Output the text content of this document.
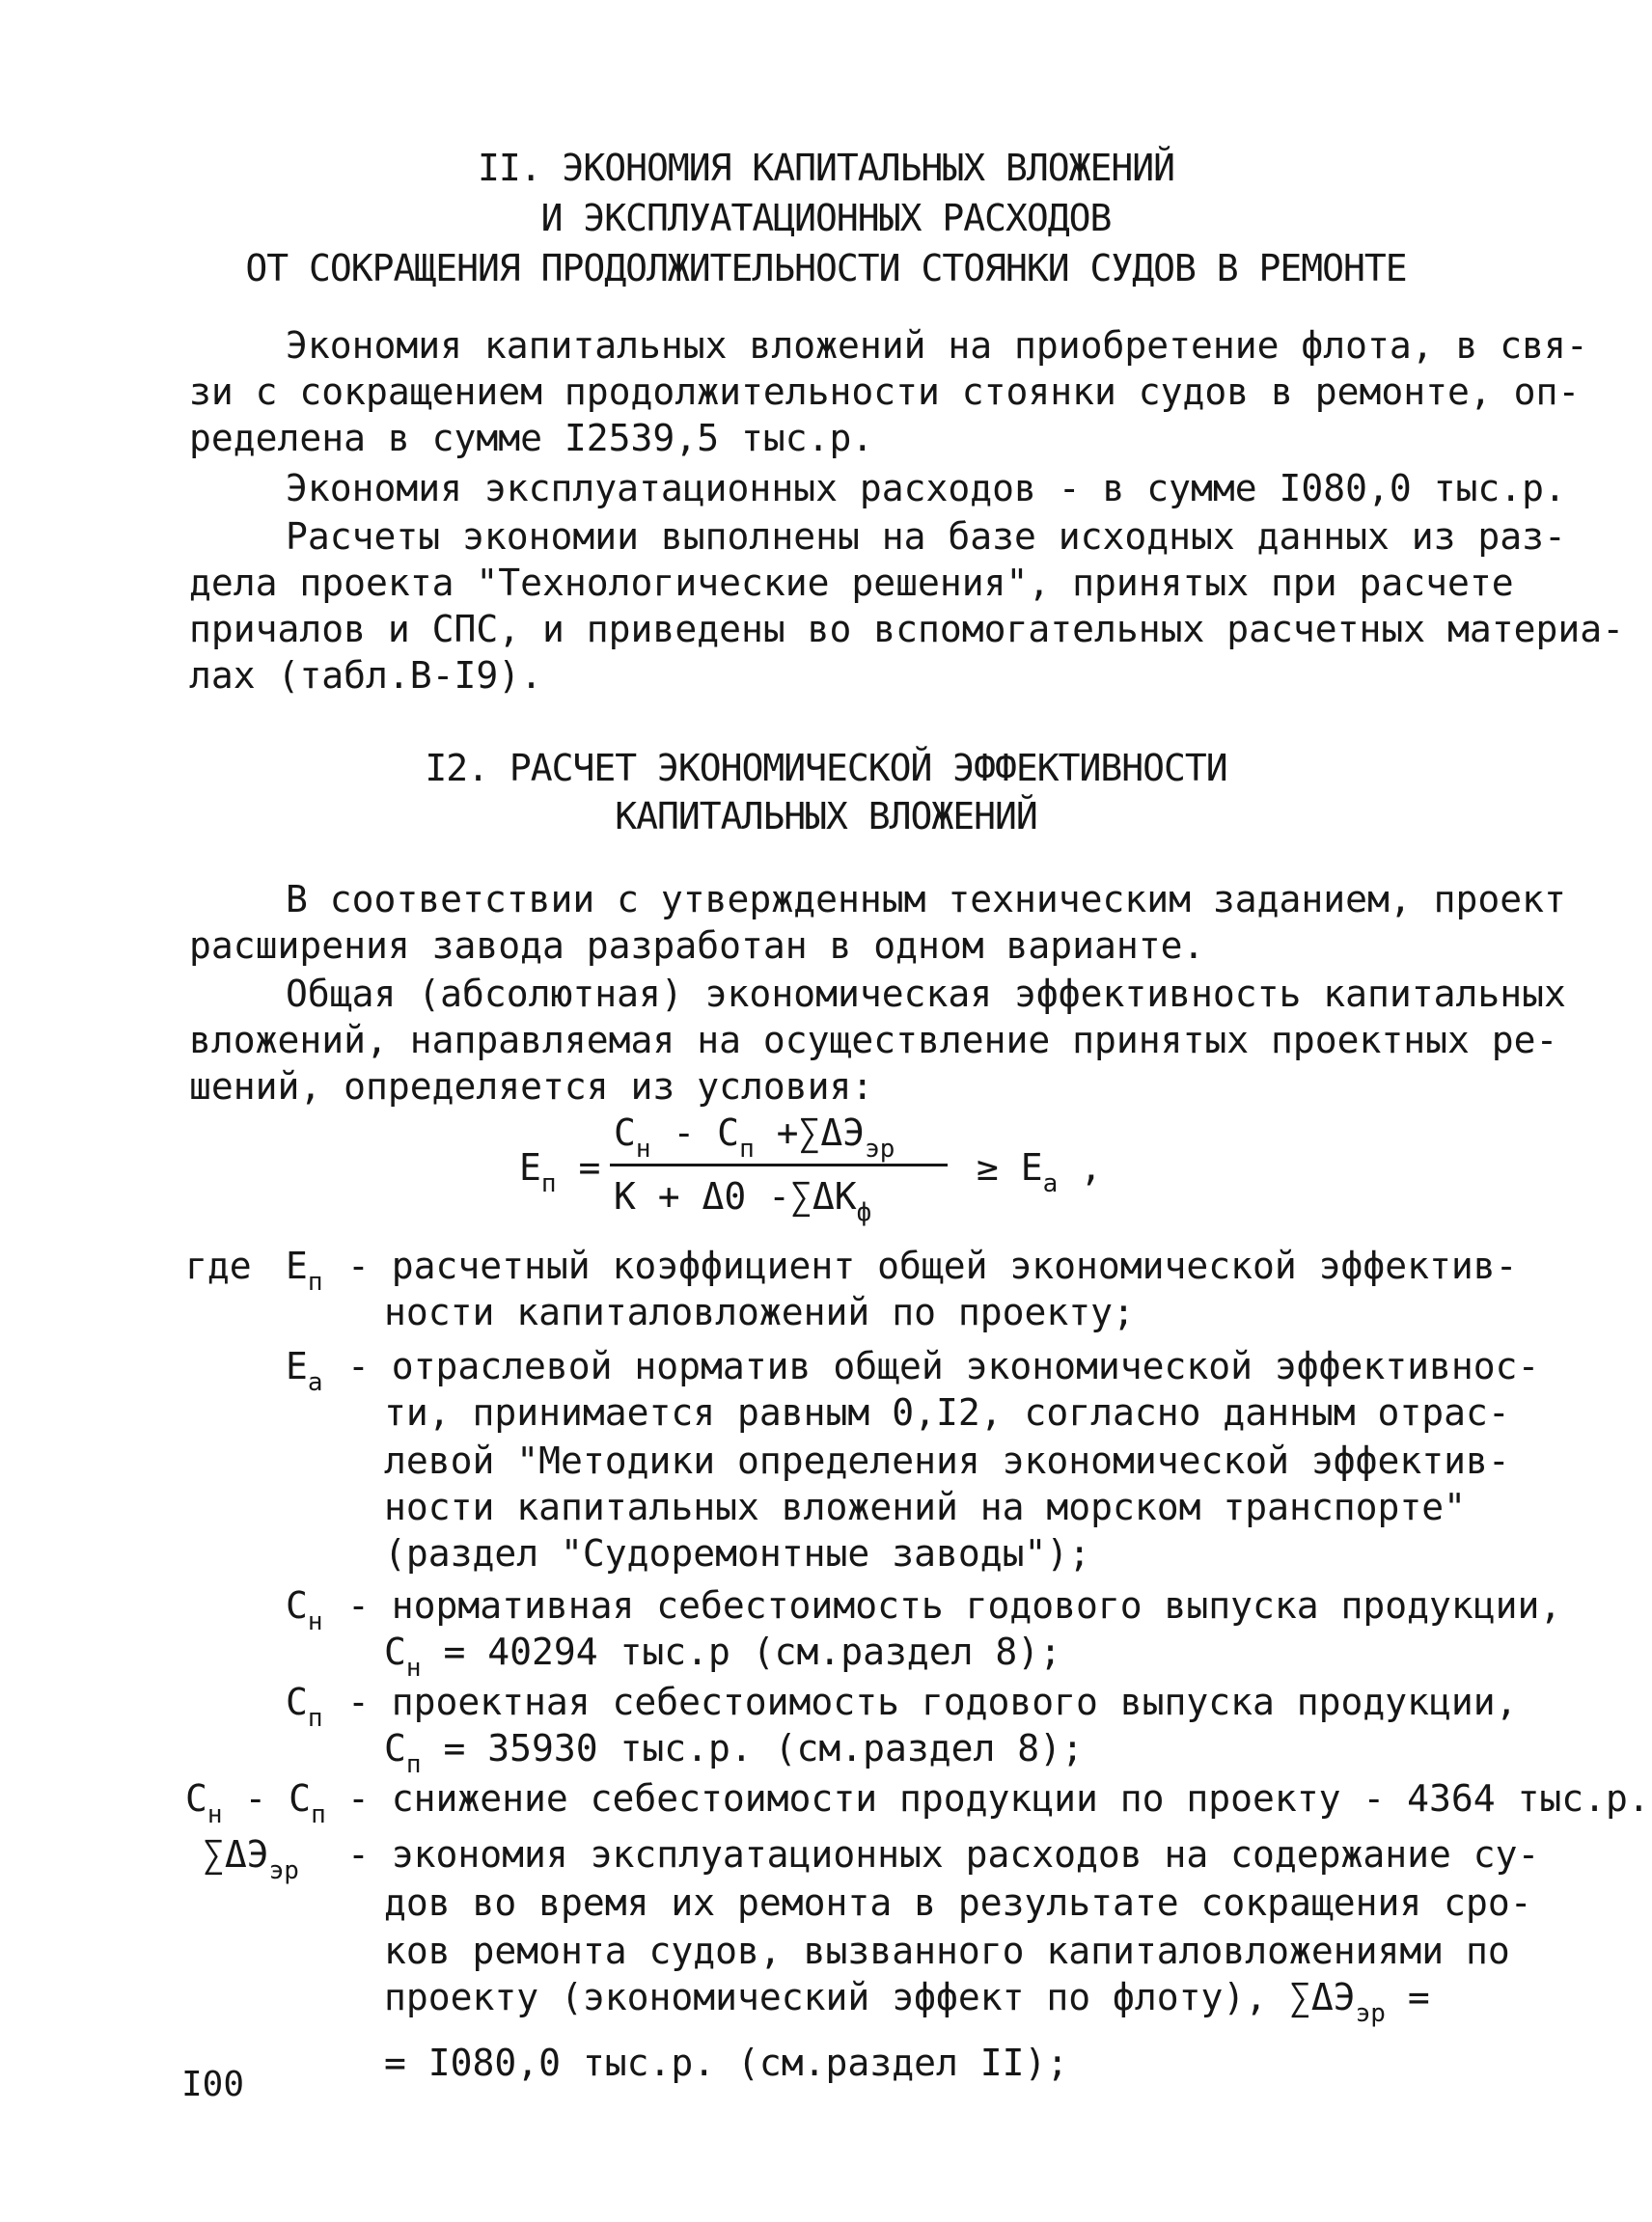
II. ЭКОНОМИЯ КАПИТАЛЬНЫХ ВЛОЖЕНИЙ
И ЭКСПЛУАТАЦИОННЫХ РАСХОДОВ
ОТ СОКРАЩЕНИЯ ПРОДОЛЖИТЕЛЬНОСТИ СТОЯНКИ СУДОВ В РЕМОНТЕ
Экономия капитальных вложений на приобретение флота, в свя-
зи с сокращением продолжительности стоянки судов в ремонте, оп-
ределена в сумме I2539,5 тыс.р.
Экономия эксплуатационных расходов - в сумме I080,0 тыс.р.
Расчеты экономии выполнены на базе исходных данных из раз-
дела проекта "Технологические решения", принятых при расчете
причалов и СПС, и приведены во вспомогательных расчетных материа-
лах (табл.В-I9).
I2. РАСЧЕТ ЭКОНОМИЧЕСКОЙ ЭФФЕКТИВНОСТИ
КАПИТАЛЬНЫХ ВЛОЖЕНИЙ
В соответствии с утвержденным техническим заданием, проект
расширения завода разработан в одном варианте.
Общая (абсолютная) экономическая эффективность капитальных
вложений, направляемая на осуществление принятых проектных ре-
шений, определяется из условия:
$Е_п$ =
$С_н - С_п +\sum\Delta Э_{эр}$
К + Δ0 $-\sum\Delta К_ф$
≥ $Е_а$ ,
где $Е_п$ - расчетный коэффициент общей экономической эффектив-
ности капиталовложений по проекту;
$Е_а$ - отраслевой норматив общей экономической эффективнос-
ти, принимается равным 0,I2, согласно данным отрас-
левой "Методики определения экономической эффектив-
ности капитальных вложений на морском транспорте"
(раздел "Судоремонтные заводы");
$С_н$ - нормативная себестоимость годового выпуска продукции,
$С_н = 40294$ тыс.р (см.раздел 8);
$С_п$ - проектная себестоимость годового выпуска продукции,
$С_п = 35930$ тыс.р. (см.раздел 8);
$С_н - С_п$ - снижение себестоимости продукции по проекту - 4364 тыс.р.
$\sum\Delta Э_{эр}$ - экономия эксплуатационных расходов на содержание су-
дов во время их ремонта в результате сокращения сро-
ков ремонта судов, вызванного капиталовложениями по
проекту (экономический эффект по флоту), $\sum\Delta Э_{эр}$ =
= I080,0 тыс.р. (см.раздел II);
I00
